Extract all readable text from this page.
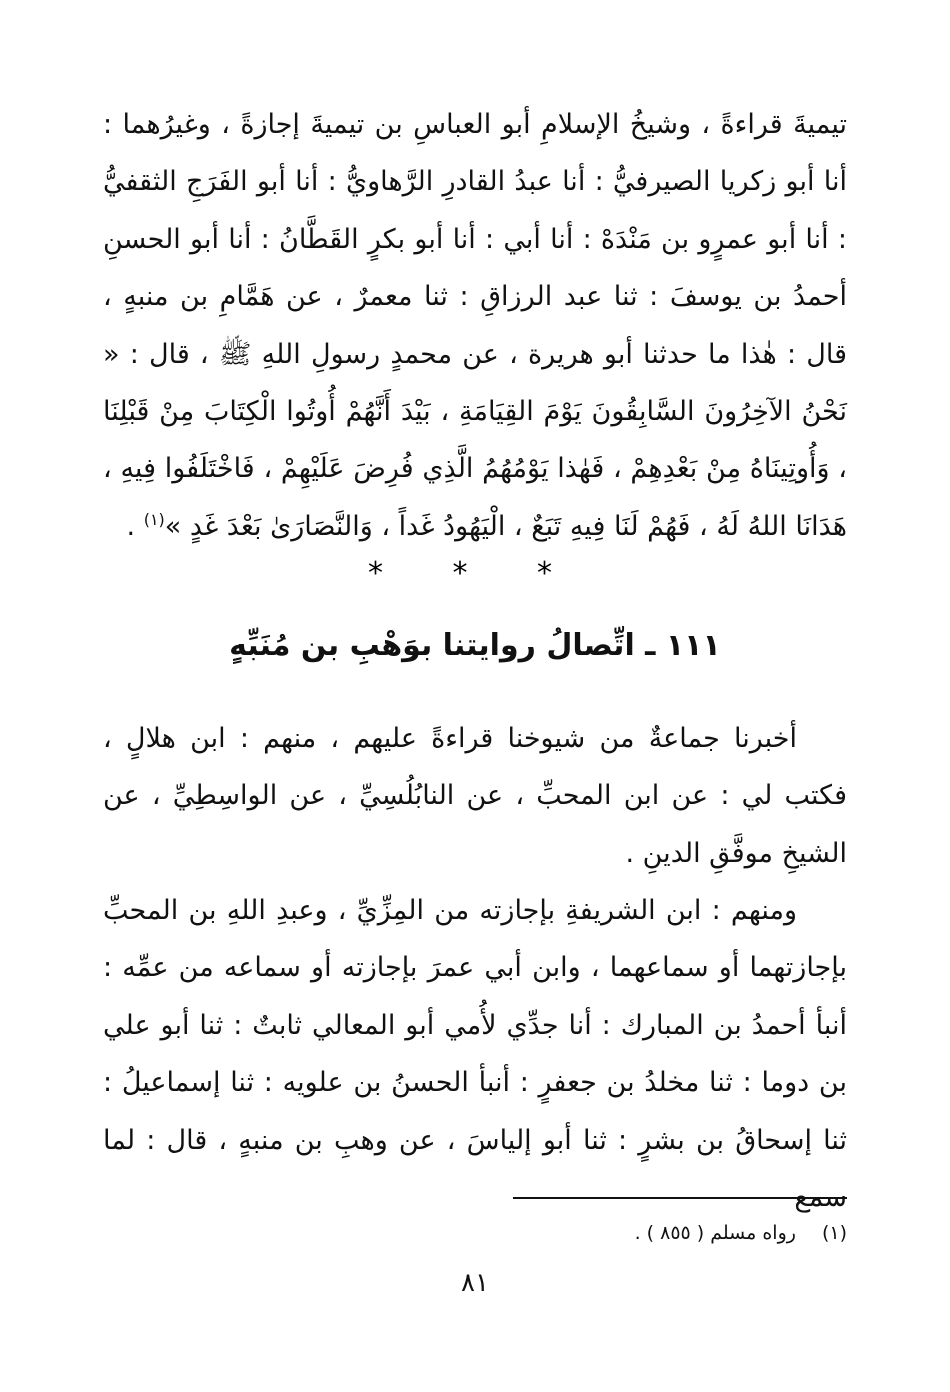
تيميةَ قراءةً ، وشيخُ الإسلامِ أبو العباسِ بن تيميةَ إجازةً ، وغيرُهما : أنا أبو زكريا الصيرفيُّ : أنا عبدُ القادرِ الرَّهاويُّ : أنا أبو الفَرَجِ الثقفيُّ : أنا أبو عمرٍو بن مَنْدَهْ : أنا أبي : أنا أبو بكرٍ القَطَّانُ : أنا أبو الحسنِ أحمدُ بن يوسفَ : ثنا عبد الرزاقِ : ثنا معمرٌ ، عن هَمَّامِ بن منبهٍ ، قال : هٰذا ما حدثنا أبو هريرة ، عن محمدٍ رسولِ اللهِ ﷺ ، قال : « نَحْنُ الآخِرُونَ السَّابِقُونَ يَوْمَ القِيَامَةِ ، بَيْدَ أَنَّهُمْ أُوتُوا الْكِتَابَ مِنْ قَبْلِنَا ، وَأُوتِينَاهُ مِنْ بَعْدِهِمْ ، فَهٰذا يَوْمُهُمُ الَّذِي فُرِضَ عَلَيْهِمْ ، فَاخْتَلَفُوا فِيهِ ، هَدَانَا اللهُ لَهُ ، فَهُمْ لَنَا فِيهِ تَبَعٌ ، الْيَهُودُ غَداً ، وَالنَّصَارَىٰ بَعْدَ غَدٍ »$^{(١)}$ .

* * *
١١١ ـ اتِّصالُ روايتنا بوَهْبِ بن مُنَبِّهٍ

أخبرنا جماعةٌ من شيوخنا قراءةً عليهم ، منهم : ابن هلالٍ ، فكتب لي : عن ابن المحبِّ ، عن النابُلُسِيِّ ، عن الواسِطِيِّ ، عن الشيخِ موفَّقِ الدينِ .

ومنهم : ابن الشريفةِ بإجازته من المِزِّيِّ ، وعبدِ اللهِ بن المحبِّ بإجازتهما أو سماعهما ، وابن أبي عمرَ بإجازته أو سماعه من عمِّه : أنبأ أحمدُ بن المبارك : أنا جدِّي لأُمي أبو المعالي ثابتٌ : ثنا أبو علي بن دوما : ثنا مخلدُ بن جعفرٍ : أنبأ الحسنُ بن علويه : ثنا إسماعيلُ : ثنا إسحاقُ بن بشرٍ : ثنا أبو إلياسَ ، عن وهبِ بن منبهٍ ، قال : لما سمع

(١)رواه مسلم ( ٨٥٥ ) .

٨١
